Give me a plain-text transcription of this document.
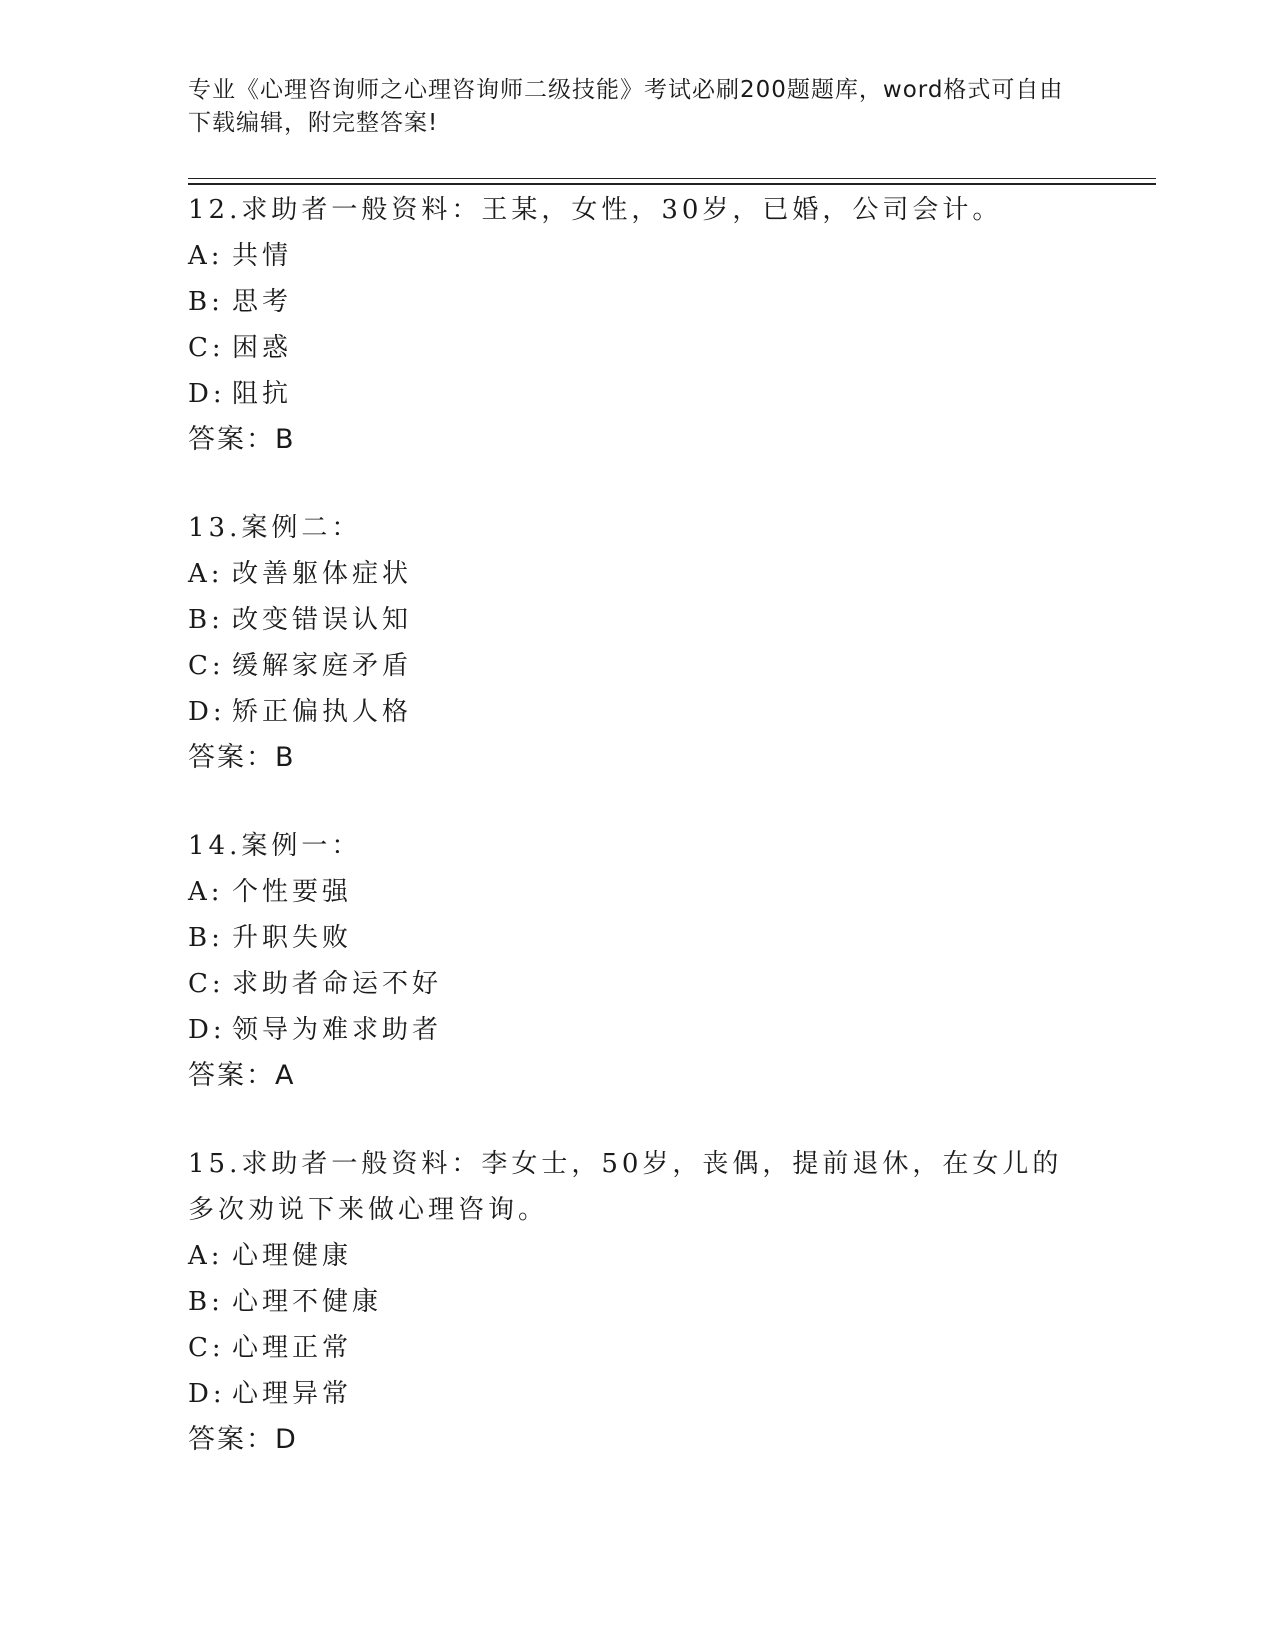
专业《心理咨询师之心理咨询师二级技能》考试必刷200题题库，word格式可自由下载编辑，附完整答案!

12.求助者一般资料：王某，女性，30岁，已婚，公司会计。

A: 共情

B: 思考

C: 困惑

D: 阻抗

答案：B

13.案例二：

A: 改善躯体症状

B: 改变错误认知

C: 缓解家庭矛盾

D: 矫正偏执人格

答案：B

14.案例一：

A: 个性要强

B: 升职失败

C: 求助者命运不好

D: 领导为难求助者

答案：A

15.求助者一般资料：李女士，50岁，丧偶，提前退休，在女儿的多次劝说下来做心理咨询。

A: 心理健康

B: 心理不健康

C: 心理正常

D: 心理异常

答案：D
